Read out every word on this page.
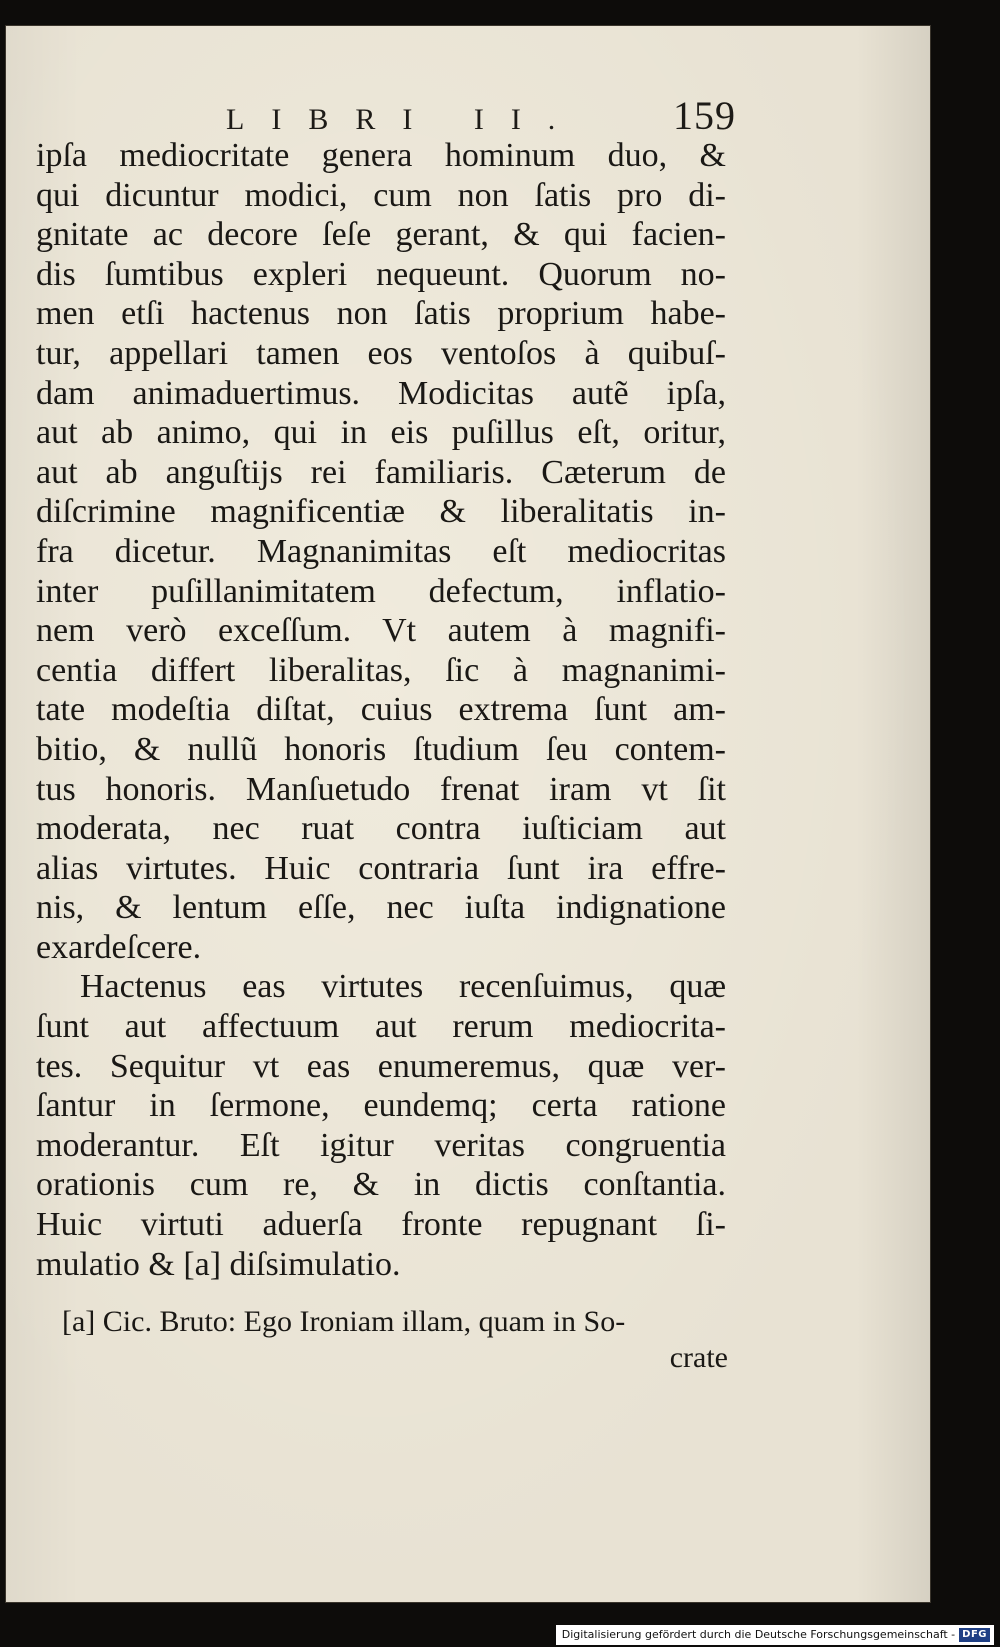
LIBRI II. 159
ipſa mediocritate genera hominum duo, &
qui dicuntur modici, cum non ſatis pro di-
gnitate ac decore ſeſe gerant, & qui facien-
dis ſumtibus expleri nequeunt. Quorum no-
men etſi hactenus non ſatis proprium habe-
tur, appellari tamen eos ventoſos à quibuſ-
dam animaduertimus. Modicitas autẽ ipſa,
aut ab animo, qui in eis puſillus eſt, oritur,
aut ab anguſtijs rei familiaris. Cæterum de
diſcrimine magnificentiæ & liberalitatis in-
fra dicetur. Magnanimitas eſt mediocritas
inter puſillanimitatem defectum, inflatio-
nem verò exceſſum. Vt autem à magnifi-
centia differt liberalitas, ſic à magnanimi-
tate modeſtia diſtat, cuius extrema ſunt am-
bitio, & nullũ honoris ſtudium ſeu contem-
tus honoris. Manſuetudo frenat iram vt ſit
moderata, nec ruat contra iuſticiam aut
alias virtutes. Huic contraria ſunt ira effre-
nis, & lentum eſſe, nec iuſta indignatione
exardeſcere.
Hactenus eas virtutes recenſuimus, quæ
ſunt aut affectuum aut rerum mediocrita-
tes. Sequitur vt eas enumeremus, quæ ver-
ſantur in ſermone, eundemq; certa ratione
moderantur. Eſt igitur veritas congruentia
orationis cum re, & in dictis conſtantia.
Huic virtuti aduerſa fronte repugnant ſi-
mulatio & [a] diſsimulatio.
[a] Cic. Bruto: Ego Ironiam illam, quam in So-
crate
Digitalisierung gefördert durch die Deutsche Forschungsgemeinschaft - DFG
